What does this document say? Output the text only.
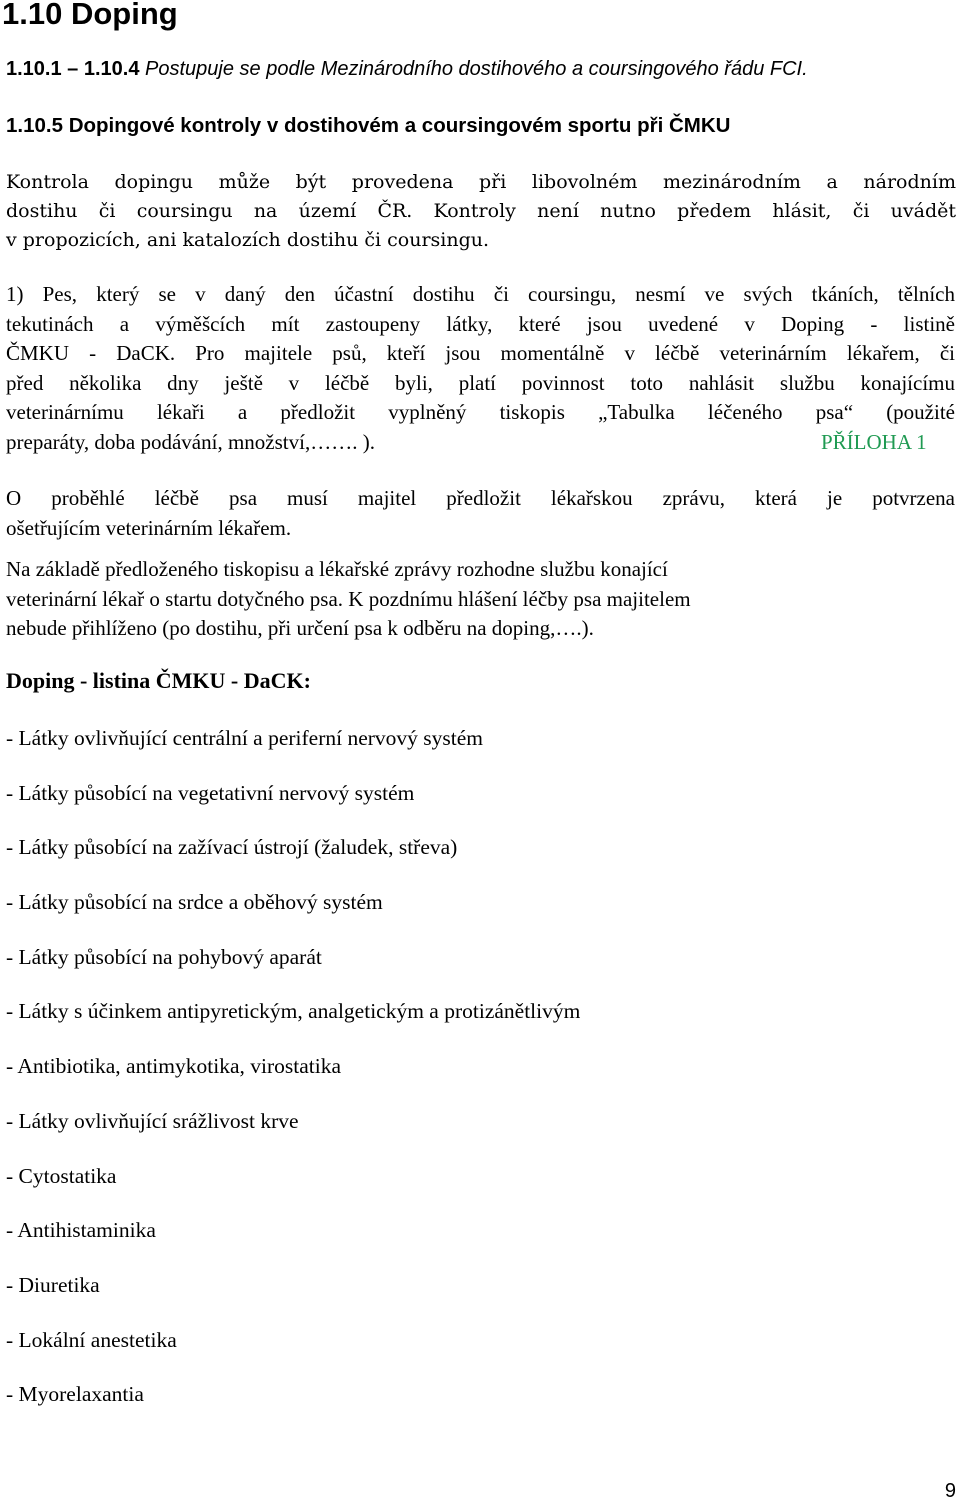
1.10 Doping
1.10.1 – 1.10.4 Postupuje se podle Mezinárodního dostihového a coursingového řádu FCI.
1.10.5 Dopingové kontroly v dostihovém a coursingovém sportu při ČMKU
Kontrola dopingu může být provedena při libovolném mezinárodním a národním
dostihu či coursingu na území ČR. Kontroly není nutno předem hlásit, či uvádět
v propozicích, ani katalozích dostihu či coursingu.
1) Pes, který se v daný den účastní dostihu či coursingu, nesmí ve svých tkáních, tělních
tekutinách a výměšcích mít zastoupeny látky, které jsou uvedené v Doping - listině
ČMKU - DaCK. Pro majitele psů, kteří jsou momentálně v léčbě veterinárním lékařem, či
před několika dny ještě v léčbě byli, platí povinnost toto nahlásit službu konajícímu
veterinárnímu lékaři a předložit vyplněný tiskopis „Tabulka léčeného psa“ (použité
preparáty, doba podávání, množství,……. ).	PŘÍLOHA 1
O proběhlé léčbě psa musí majitel předložit lékařskou zprávu, která je potvrzena
ošetřujícím veterinárním lékařem.
Na základě předloženého tiskopisu a lékařské zprávy rozhodne službu konající
veterinární lékař o startu dotyčného psa. K pozdnímu hlášení léčby psa majitelem
nebude přihlíženo (po dostihu, při určení psa k odběru na doping,….).
Doping - listina ČMKU - DaCK:
- Látky ovlivňující centrální a periferní nervový systém
- Látky působící na vegetativní nervový systém
- Látky působící na zažívací ústrojí (žaludek, střeva)
- Látky působící na srdce a oběhový systém
- Látky působící na pohybový aparát
- Látky s účinkem antipyretickým, analgetickým a protizánětlivým
- Antibiotika, antimykotika, virostatika
- Látky ovlivňující srážlivost krve
- Cytostatika
- Antihistaminika
- Diuretika
- Lokální anestetika
- Myorelaxantia
9
